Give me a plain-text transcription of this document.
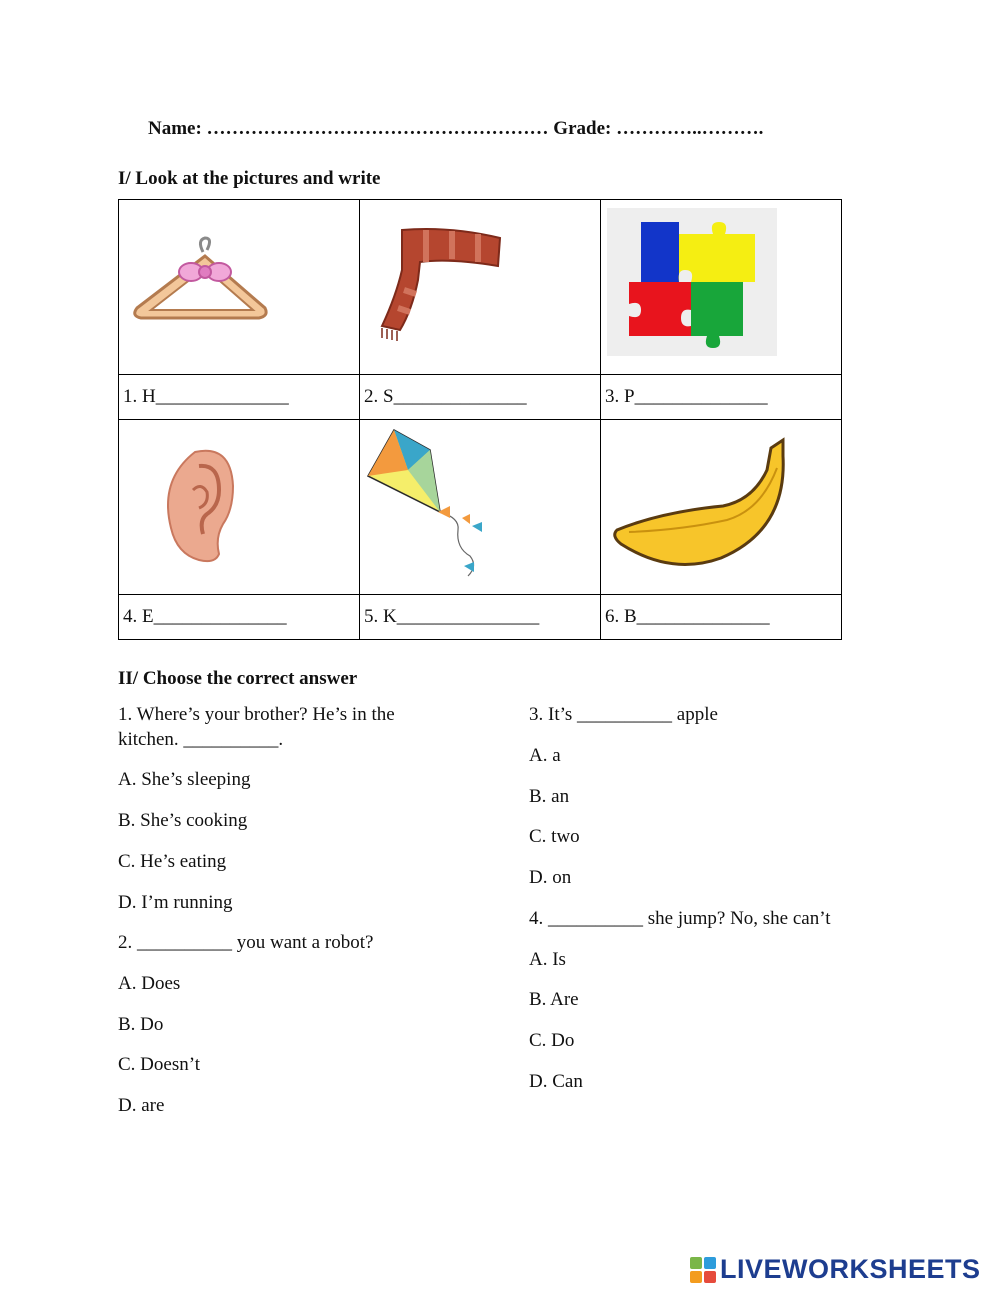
Name: ……………………………………………… Grade: …………..……….
I/ Look at the pictures and write

1. H______________	2. S______________	3. P______________

4. E______________	5. K_______________	6. B______________
II/ Choose the correct answer
1. Where’s your brother? He’s in the
kitchen. __________.
A. She’s sleeping
B. She’s cooking
C. He’s eating
D. I’m running
2. __________ you want a robot?
A. Does
B. Do
C. Doesn’t
D. are
3. It’s __________ apple
A. a
B. an
C. two
D. on
4. __________ she jump? No, she can’t
A. Is
B. Are
C. Do
D. Can
LIVEWORKSHEETS
